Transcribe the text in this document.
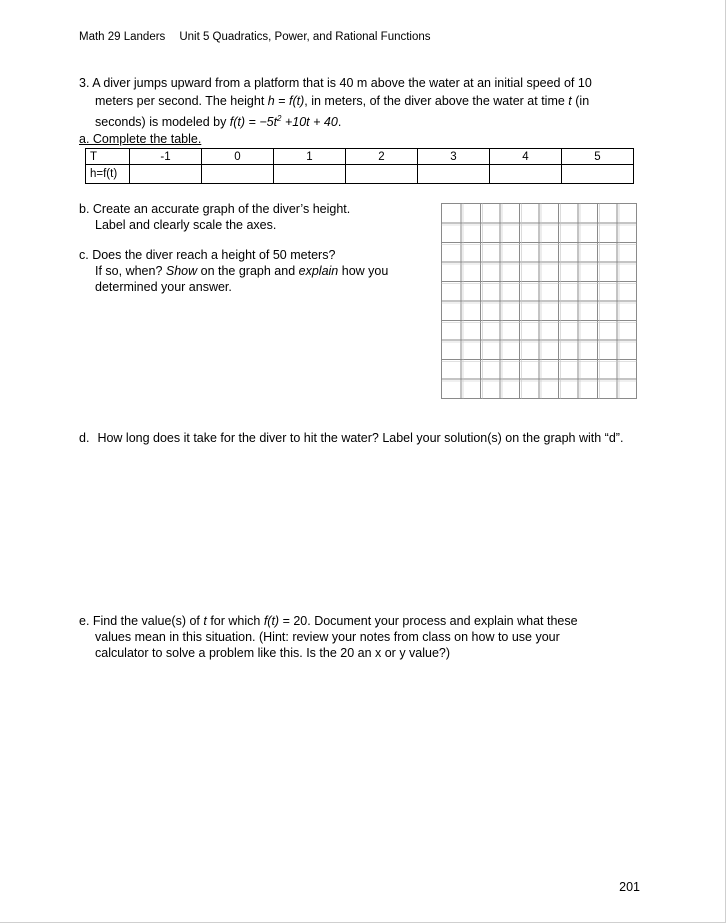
Math 29 Landers Unit 5 Quadratics, Power, and Rational Functions
3. A diver jumps upward from a platform that is 40 m above the water at an initial speed of 10
meters per second. The height h = f(t), in meters, of the diver above the water at time t (in
seconds) is modeled by $f(t) = -5t^2 +10t + 40$.
a. Complete the table.
T	-1	0	1	2	3	4	5
h=f(t)							
b. Create an accurate graph of the diver’s height.
Label and clearly scale the axes.
c. Does the diver reach a height of 50 meters?
If so, when? Show on the graph and explain how you
determined your answer.
d. How long does it take for the diver to hit the water? Label your solution(s) on the graph with “d”.
e. Find the value(s) of t for which f(t) = 20. Document your process and explain what these
values mean in this situation. (Hint: review your notes from class on how to use your
calculator to solve a problem like this. Is the 20 an x or y value?)
201
